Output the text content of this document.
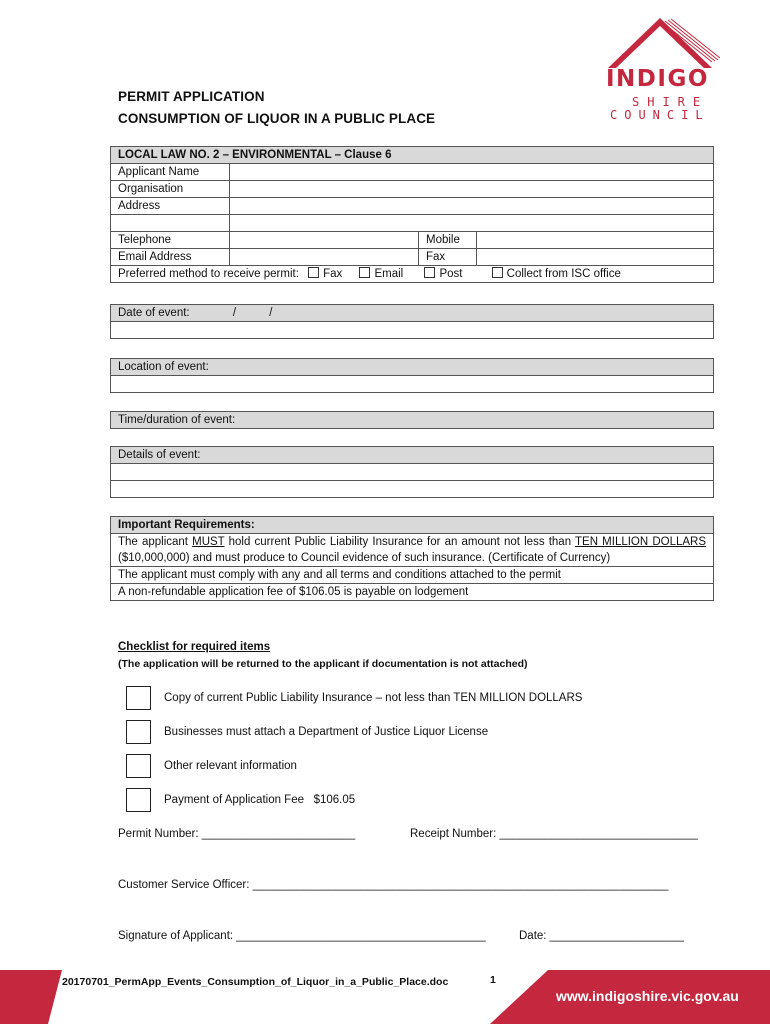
PERMIT APPLICATION
CONSUMPTION OF LIQUOR IN A PUBLIC PLACE
INDIGO
SHIRE
COUNCIL
LOCAL LAW NO. 2 – ENVIRONMENTAL – Clause 6			
Applicant Name			
Organisation			
Address			

Telephone		Mobile	
Email Address		Fax	
Preferred method to receive permit: Fax Email Post Collect from ISC office			
Date of event:	/	/

Location of event:

Time/duration of event:
Details of event:

Important Requirements:
The applicant MUST hold current Public Liability Insurance for an amount not less than TEN MILLION DOLLARS ($10,000,000) and must produce to Council evidence of such insurance. (Certificate of Currency)
The applicant must comply with any and all terms and conditions attached to the permit
A non-refundable application fee of $106.05 is payable on lodgement
Checklist for required items
(The application will be returned to the applicant if documentation is not attached)
Copy of current Public Liability Insurance – not less than TEN MILLION DOLLARS
Businesses must attach a Department of Justice Liquor License
Other relevant information
Payment of Application Fee   $106.05
Permit Number: ________________________	Receipt Number: _______________________________
Customer Service Officer: _________________________________________________________________
Signature of Applicant: _______________________________________	Date: _____________________
20170701_PermApp_Events_Consumption_of_Liquor_in_a_Public_Place.doc	1
www.indigoshire.vic.gov.au
